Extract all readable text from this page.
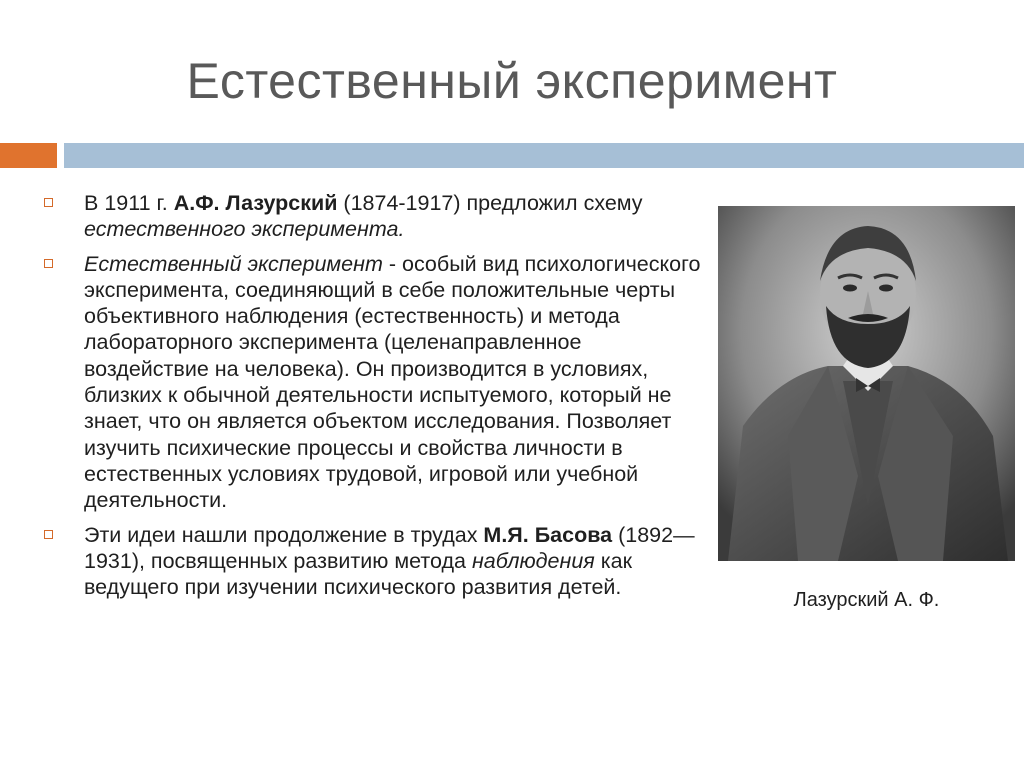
Естественный эксперимент
В 1911 г. А.Ф. Лазурский (1874-1917) предложил схему естественного эксперимента.
Естественный эксперимент - особый вид психологического эксперимента, соединяющий в себе положительные черты объективного наблюдения (естественность) и метода лабораторного эксперимента (целенаправленное воздействие на человека). Он производится в условиях, близких к обычной деятельности испытуемого, который не знает, что он является объектом исследования. Позволяет изучить психические процессы и свойства личности в естественных условиях трудовой, игровой или учебной деятельности.
Эти идеи нашли продолжение в трудах М.Я. Басова (1892— 1931), посвященных развитию метода наблюдения как ведущего при изучении психического развития детей.
Лазурский А. Ф.
